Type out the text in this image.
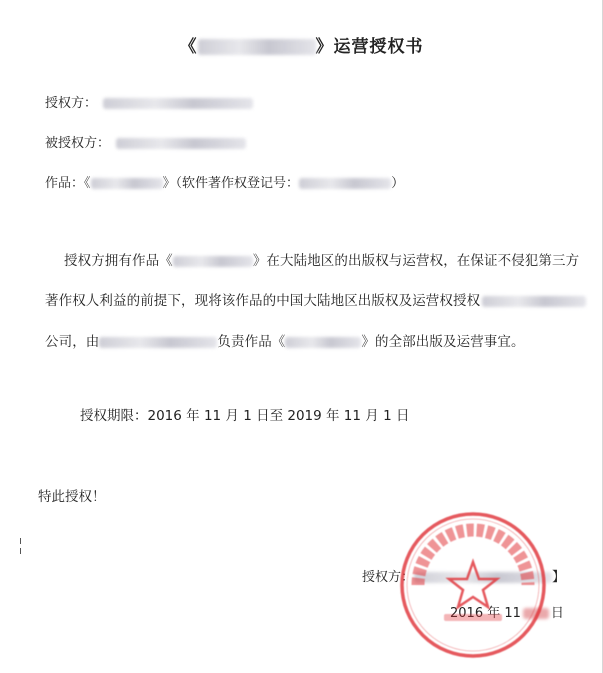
《	》运营授权书
授权方：
被授权方：
作品：《	》（软件著作权登记号：	）
授权方拥有作品《	》在大陆地区的出版权与运营权，在保证不侵犯第三方
著作权人利益的前提下，现将该作品的中国大陆地区出版权及运营权授权
公司，由	负责作品《	》的全部出版及运营事宜。
授权期限：2016 年 11 月 1 日至 2019 年 11 月 1 日
特此授权！
授权方：	】
2016 年 11 日
